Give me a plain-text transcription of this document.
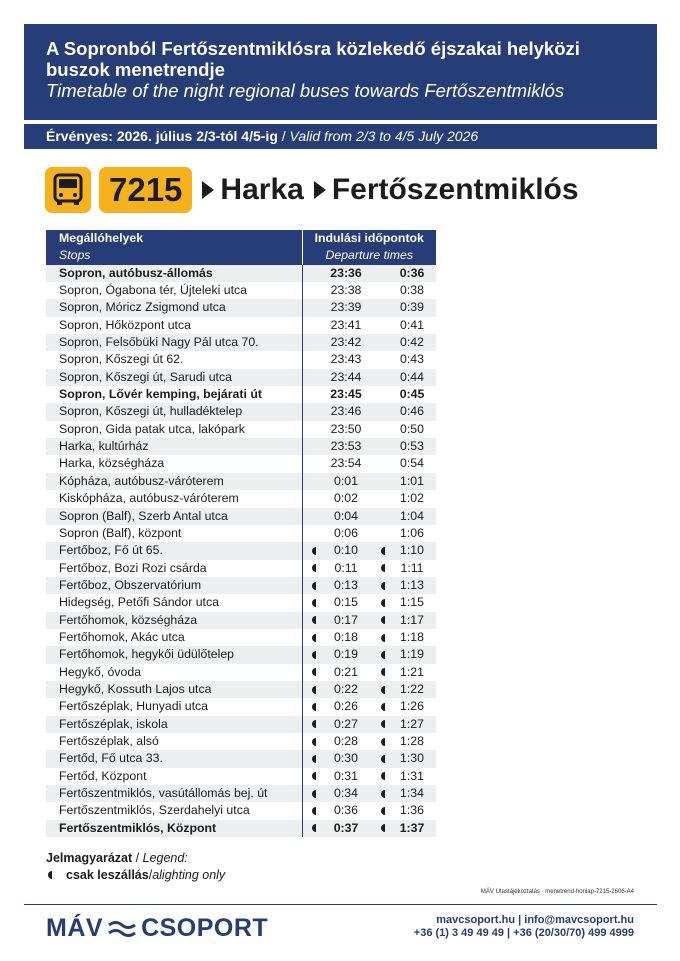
A Sopronból Fertőszentmiklósra közlekedő éjszakai helyközi buszok menetrendje
Timetable of the night regional buses towards Fertőszentmiklós
Érvényes: 2026. július 2/3-tól 4/5-ig / Valid from 2/3 to 4/5 July 2026
7215	Harka Fertőszentmiklós
Megállóhelyek	Indulási időpontok			
Stops	Departure times			
Sopron, autóbusz-állomás		23:36		0:36
Sopron, Ógabona tér, Újteleki utca		23:38		0:38
Sopron, Móricz Zsigmond utca		23:39		0:39
Sopron, Hőközpont utca		23:41		0:41
Sopron, Felsőbüki Nagy Pál utca 70.		23:42		0:42
Sopron, Kőszegi út 62.		23:43		0:43
Sopron, Kőszegi út, Sarudi utca		23:44		0:44
Sopron, Lővér kemping, bejárati út		23:45		0:45
Sopron, Kőszegi út, hulladéktelep		23:46		0:46
Sopron, Gida patak utca, lakópark		23:50		0:50
Harka, kultúrház		23:53		0:53
Harka, községháza		23:54		0:54
Kópháza, autóbusz-váróterem		0:01		1:01
Kiskópháza, autóbusz-váróterem		0:02		1:02
Sopron (Balf), Szerb Antal utca		0:04		1:04
Sopron (Balf), központ		0:06		1:06
Fertőboz, Fő út 65.		0:10		1:10
Fertőboz, Bozi Rozi csárda		0:11		1:11
Fertőboz, Obszervatórium		0:13		1:13
Hidegség, Petőfi Sándor utca		0:15		1:15
Fertőhomok, községháza		0:17		1:17
Fertőhomok, Akác utca		0:18		1:18
Fertőhomok, hegykői üdülőtelep		0:19		1:19
Hegykő, óvoda		0:21		1:21
Hegykő, Kossuth Lajos utca		0:22		1:22
Fertőszéplak, Hunyadi utca		0:26		1:26
Fertőszéplak, iskola		0:27		1:27
Fertőszéplak, alsó		0:28		1:28
Fertőd, Fő utca 33.		0:30		1:30
Fertőd, Központ		0:31		1:31
Fertőszentmiklós, vasútállomás bej. út		0:34		1:34
Fertőszentmiklós, Szerdahelyi utca		0:36		1:36
Fertőszentmiklós, Központ		0:37		1:37
Jelmagyarázat / Legend:
csak leszállás / alighting only
MÁV Utastájékoztatás · menetrend-honlap-7215-2606-A4
MÁV CSOPORT	mavcsoport.hu | info@mavcsoport.hu
+36 (1) 3 49 49 49 | +36 (20/30/70) 499 4999
